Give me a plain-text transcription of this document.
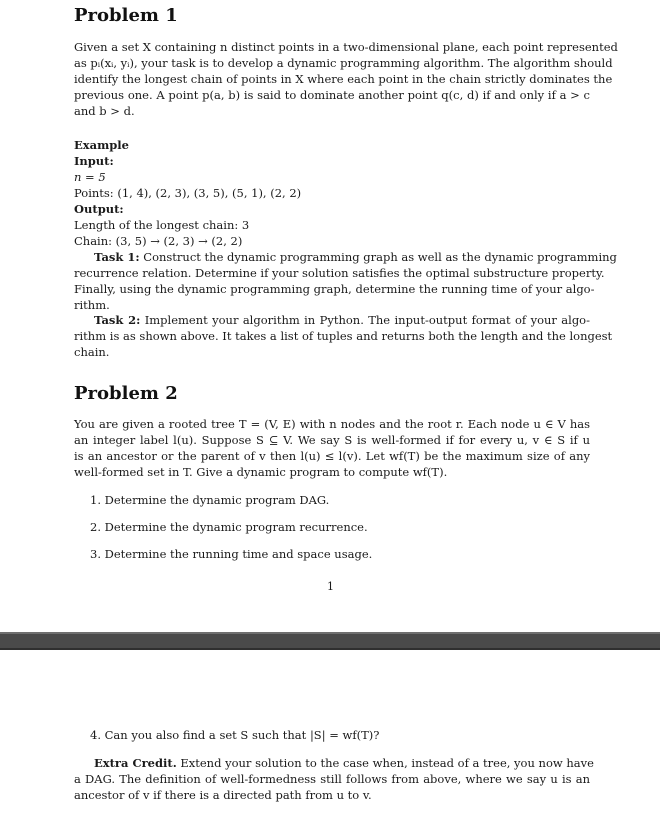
Problem 1
Given a set X containing n distinct points in a two-dimensional plane, each point represented
as pᵢ(xᵢ, yᵢ), your task is to develop a dynamic programming algorithm. The algorithm should
identify the longest chain of points in X where each point in the chain strictly dominates the
previous one. A point p(a, b) is said to dominate another point q(c, d) if and only if a > c
and b > d.
Example
Input:
n = 5
Points: (1, 4), (2, 3), (3, 5), (5, 1), (2, 2)
Output:
Length of the longest chain: 3
Chain: (3, 5) → (2, 3) → (2, 2)
Task 1: Construct the dynamic programming graph as well as the dynamic programming
recurrence relation. Determine if your solution satisfies the optimal substructure property.
Finally, using the dynamic programming graph, determine the running time of your algo-
rithm.
Task 2: Implement your algorithm in Python. The input-output format of your algo-
rithm is as shown above. It takes a list of tuples and returns both the length and the longest
chain.
Problem 2
You are given a rooted tree T = (V, E) with n nodes and the root r. Each node u ∈ V has
an integer label l(u). Suppose S ⊆ V. We say S is well-formed if for every u, v ∈ S if u
is an ancestor or the parent of v then l(u) ≤ l(v). Let wf(T) be the maximum size of any
well-formed set in T. Give a dynamic program to compute wf(T).
1. Determine the dynamic program DAG.
2. Determine the dynamic program recurrence.
3. Determine the running time and space usage.
1
4. Can you also find a set S such that |S| = wf(T)?
Extra Credit. Extend your solution to the case when, instead of a tree, you now have
a DAG. The definition of well-formedness still follows from above, where we say u is an
ancestor of v if there is a directed path from u to v.
